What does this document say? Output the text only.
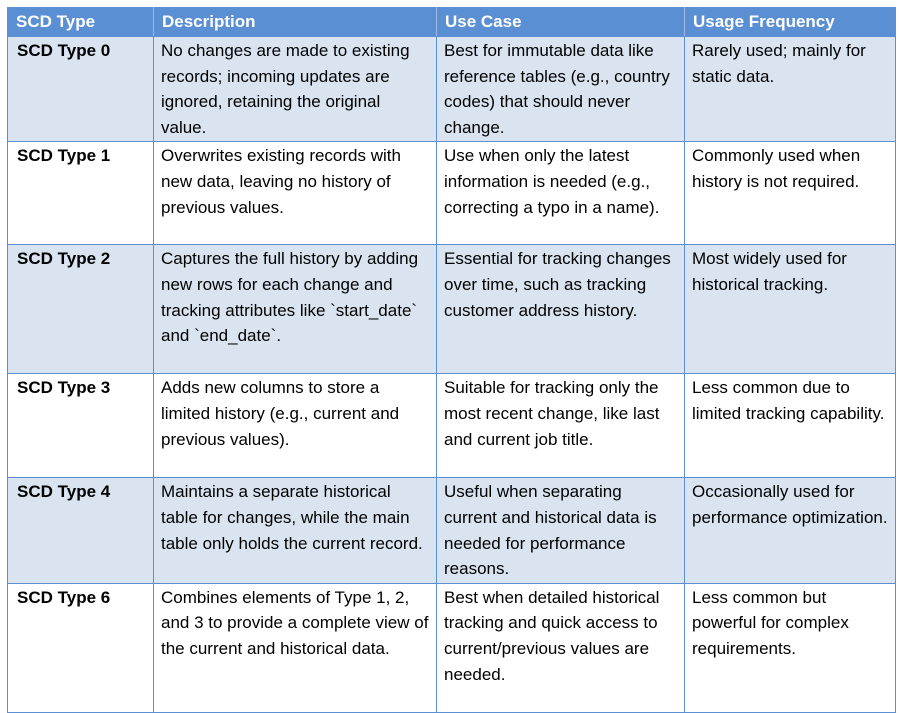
SCD Type	Description	Use Case	Usage Frequency
SCD Type 0	No changes are made to existing records; incoming updates are ignored, retaining the original value.	Best for immutable data like reference tables (e.g., country codes) that should never change.	Rarely used; mainly for static data.
SCD Type 1	Overwrites existing records with new data, leaving no history of previous values.	Use when only the latest information is needed (e.g., correcting a typo in a name).	Commonly used when history is not required.
SCD Type 2	Captures the full history by adding new rows for each change and tracking attributes like `start_date` and `end_date`.	Essential for tracking changes over time, such as tracking customer address history.	Most widely used for historical tracking.
SCD Type 3	Adds new columns to store a limited history (e.g., current and previous values).	Suitable for tracking only the most recent change, like last and current job title.	Less common due to limited tracking capability.
SCD Type 4	Maintains a separate historical table for changes, while the main table only holds the current record.	Useful when separating current and historical data is needed for performance reasons.	Occasionally used for performance optimization.
SCD Type 6	Combines elements of Type 1, 2, and 3 to provide a complete view of the current and historical data.	Best when detailed historical tracking and quick access to current/previous values are needed.	Less common but powerful for complex requirements.
